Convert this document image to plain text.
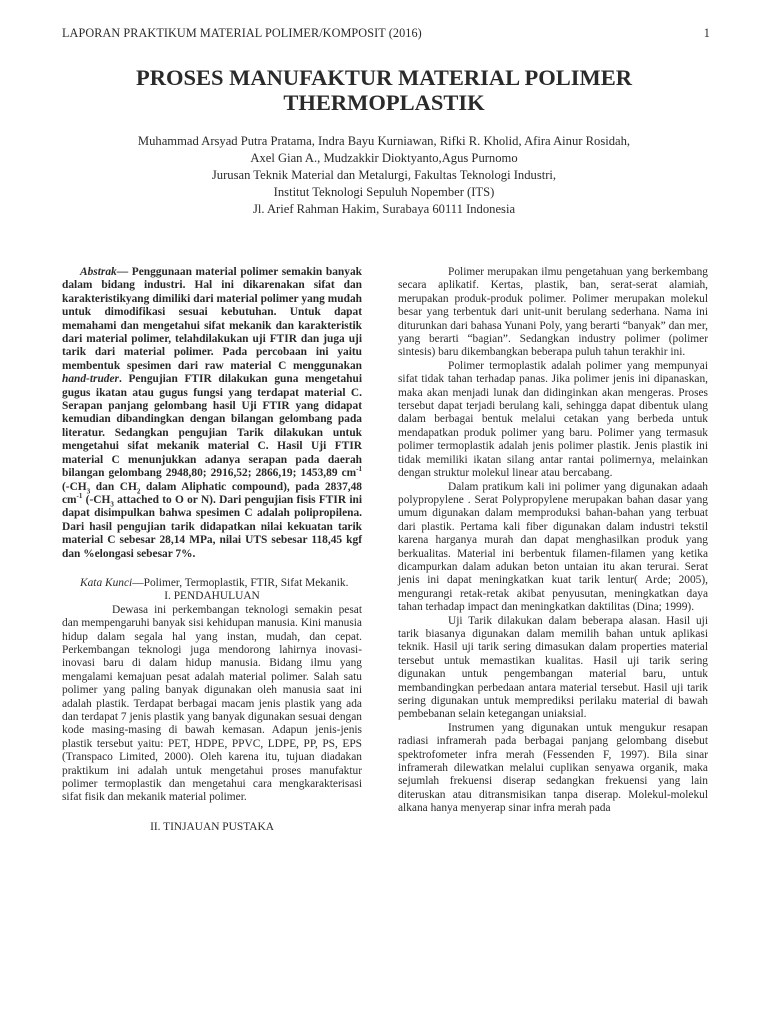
LAPORAN PRAKTIKUM MATERIAL POLIMER/KOMPOSIT (2016)	1
PROSES MANUFAKTUR MATERIAL POLIMER
THERMOPLASTIK
Muhammad Arsyad Putra Pratama, Indra Bayu Kurniawan, Rifki R. Kholid, Afira Ainur Rosidah,
Axel Gian A., Mudzakkir Dioktyanto,Agus Purnomo
Jurusan Teknik Material dan Metalurgi, Fakultas Teknologi Industri,
Institut Teknologi Sepuluh Nopember (ITS)
Jl. Arief Rahman Hakim, Surabaya 60111 Indonesia

Abstrak— Penggunaan material polimer semakin banyak dalam bidang industri. Hal ini dikarenakan sifat dan karakteristikyang dimiliki dari material polimer yang mudah untuk dimodifikasi sesuai kebutuhan. Untuk dapat memahami dan mengetahui sifat mekanik dan karakteristik dari material polimer, telahdilakukan uji FTIR dan juga uji tarik dari material polimer. Pada percobaan ini yaitu membentuk spesimen dari raw material C menggunakan hand-truder. Pengujian FTIR dilakukan guna mengetahui gugus ikatan atau gugus fungsi yang terdapat material C. Serapan panjang gelombang hasil Uji FTIR yang didapat kemudian dibandingkan dengan bilangan gelombang pada literatur. Sedangkan pengujian Tarik dilakukan untuk mengetahui sifat mekanik material C. Hasil Uji FTIR material C menunjukkan adanya serapan pada daerah bilangan gelombang 2948,80; 2916,52; 2866,19; 1453,89 $cm^{-1}$ ($-CH_3$ dan $CH_2$ dalam Aliphatic compound), pada 2837,48 $cm^{-1}$ ($-CH_3$ attached to O or N). Dari pengujian fisis FTIR ini dapat disimpulkan bahwa spesimen C adalah polipropilena. Dari hasil pengujian tarik didapatkan nilai kekuatan tarik material C sebesar 28,14 MPa, nilai UTS sebesar 118,45 kgf dan %elongasi sebesar 7%.

Kata Kunci—Polimer, Termoplastik, FTIR, Sifat Mekanik.

I. PENDAHULUAN

Dewasa ini perkembangan teknologi semakin pesat dan mempengaruhi banyak sisi kehidupan manusia. Kini manusia hidup dalam segala hal yang instan, mudah, dan cepat. Perkembangan teknologi juga mendorong lahirnya inovasi-inovasi baru di dalam hidup manusia. Bidang ilmu yang mengalami kemajuan pesat adalah material polimer. Salah satu polimer yang paling banyak digunakan oleh manusia saat ini adalah plastik. Terdapat berbagai macam jenis plastik yang ada dan terdapat 7 jenis plastik yang banyak digunakan sesuai dengan kode masing-masing di bawah kemasan. Adapun jenis-jenis plastik tersebut yaitu: PET, HDPE, PPVC, LDPE, PP, PS, EPS (Transpaco Limited, 2000). Oleh karena itu, tujuan diadakan praktikum ini adalah untuk mengetahui proses manufaktur polimer termoplastik dan mengetahui cara mengkarakterisasi sifat fisik dan mekanik material polimer.

II. TINJAUAN PUSTAKA

Polimer merupakan ilmu pengetahuan yang berkembang secara aplikatif. Kertas, plastik, ban, serat-serat alamiah, merupakan produk-produk polimer. Polimer merupakan molekul besar yang terbentuk dari unit-unit berulang sederhana. Nama ini diturunkan dari bahasa Yunani Poly, yang berarti “banyak” dan mer, yang berarti “bagian”. Sedangkan industry polimer (polimer sintesis) baru dikembangkan beberapa puluh tahun terakhir ini.

Polimer termoplastik adalah polimer yang mempunyai sifat tidak tahan terhadap panas. Jika polimer jenis ini dipanaskan, maka akan menjadi lunak dan didinginkan akan mengeras. Proses tersebut dapat terjadi berulang kali, sehingga dapat dibentuk ulang dalam berbagai bentuk melalui cetakan yang berbeda untuk mendapatkan produk polimer yang baru. Polimer yang termasuk polimer termoplastik adalah jenis polimer plastik. Jenis plastik ini tidak memiliki ikatan silang antar rantai polimernya, melainkan dengan struktur molekul linear atau bercabang.

Dalam pratikum kali ini polimer yang digunakan adaah polypropylene . Serat Polypropylene merupakan bahan dasar yang umum digunakan dalam memproduksi bahan-bahan yang terbuat dari plastik. Pertama kali fiber digunakan dalam industri tekstil karena harganya murah dan dapat menghasilkan produk yang berkualitas. Material ini berbentuk filamen-filamen yang ketika dicampurkan dalam adukan beton untaian itu akan terurai. Serat jenis ini dapat meningkatkan kuat tarik lentur( Arde; 2005), mengurangi retak-retak akibat penyusutan, meningkatkan daya tahan terhadap impact dan meningkatkan daktilitas (Dina; 1999).

Uji Tarik dilakukan dalam beberapa alasan. Hasil uji tarik biasanya digunakan dalam memilih bahan untuk aplikasi teknik. Hasil uji tarik sering dimasukan dalam properties material tersebut untuk memastikan kualitas. Hasil uji tarik sering digunakan untuk pengembangan material baru, untuk membandingkan perbedaan antara material tersebut. Hasil uji tarik sering digunakan untuk memprediksi perilaku material di bawah pembebanan selain ketegangan uniaksial.

Instrumen yang digunakan untuk mengukur resapan radiasi inframerah pada berbagai panjang gelombang disebut spektrofometer infra merah (Fessenden F, 1997). Bila sinar inframerah dilewatkan melalui cuplikan senyawa organik, maka sejumlah frekuensi diserap sedangkan frekuensi yang lain diteruskan atau ditransmisikan tanpa diserap. Molekul-molekul alkana hanya menyerap sinar infra merah pada
